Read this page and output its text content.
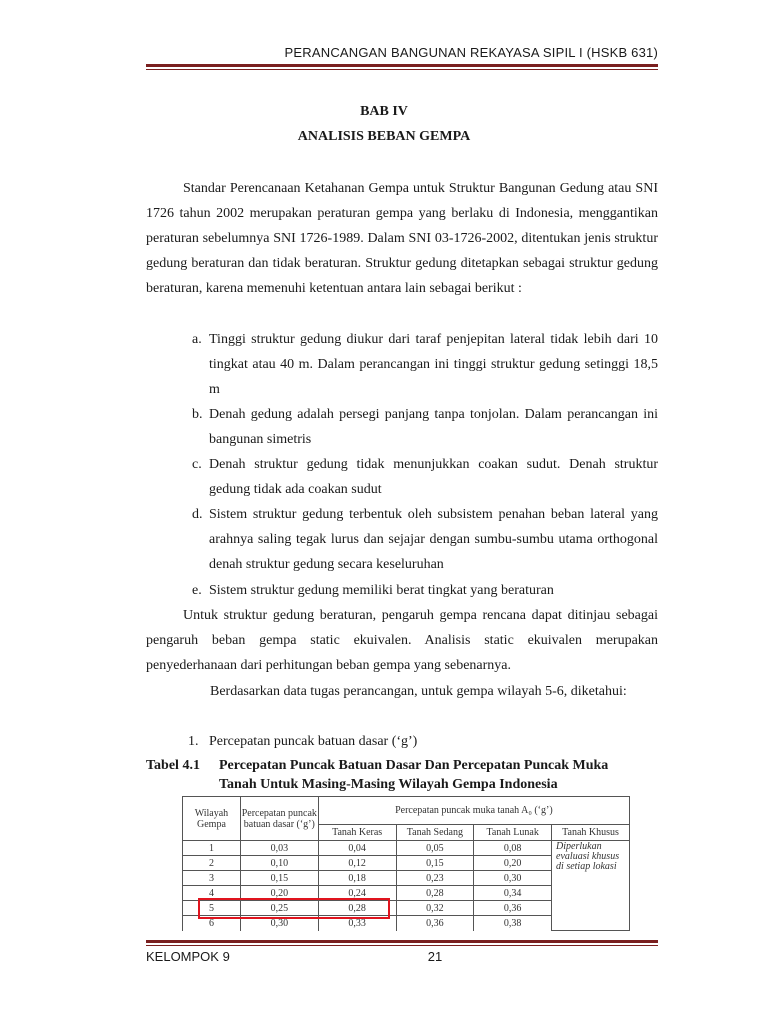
PERANCANGAN BANGUNAN REKAYASA SIPIL I (HSKB 631)
BAB IV
ANALISIS BEBAN GEMPA
Standar Perencanaan Ketahanan Gempa untuk Struktur Bangunan Gedung atau SNI 1726 tahun 2002 merupakan peraturan gempa yang berlaku di Indonesia, menggantikan peraturan sebelumnya SNI 1726-1989. Dalam SNI 03-1726-2002, ditentukan jenis struktur gedung beraturan dan tidak beraturan. Struktur gedung ditetapkan sebagai struktur gedung beraturan, karena memenuhi ketentuan antara lain sebagai berikut :
a. Tinggi struktur gedung diukur dari taraf penjepitan lateral tidak lebih dari 10 tingkat atau 40 m. Dalam perancangan ini tinggi struktur gedung setinggi 18,5 m
b. Denah gedung adalah persegi panjang tanpa tonjolan. Dalam perancangan ini bangunan simetris
c. Denah struktur gedung tidak menunjukkan coakan sudut. Denah struktur gedung tidak ada coakan sudut
d. Sistem struktur gedung terbentuk oleh subsistem penahan beban lateral yang arahnya saling tegak lurus dan sejajar dengan sumbu-sumbu utama orthogonal denah struktur gedung secara keseluruhan
e. Sistem struktur gedung memiliki berat tingkat yang beraturan
Untuk struktur gedung beraturan, pengaruh gempa rencana dapat ditinjau sebagai pengaruh beban gempa static ekuivalen. Analisis static ekuivalen merupakan penyederhanaan dari perhitungan beban gempa yang sebenarnya.
Berdasarkan data tugas perancangan, untuk gempa wilayah 5-6, diketahui:
1. Percepatan puncak batuan dasar (‘g’)
Tabel 4.1 Percepatan Puncak Batuan Dasar Dan Percepatan Puncak Muka
Tanah Untuk Masing-Masing Wilayah Gempa Indonesia
Wilayah Gempa	Percepatan puncak batuan dasar (‘g’)	Percepatan puncak muka tanah A₀ (‘g’)			
		Tanah Keras	Tanah Sedang	Tanah Lunak	Tanah Khusus
1	0,03	0,04	0,05	0,08	Diperlukan evaluasi khusus di setiap lokasi
2	0,10	0,12	0,15	0,20	
3	0,15	0,18	0,23	0,30	
4	0,20	0,24	0,28	0,34	
5	0,25	0,28	0,32	0,36	
6	0,30	0,33	0,36	0,38	
KELOMPOK 9	21
